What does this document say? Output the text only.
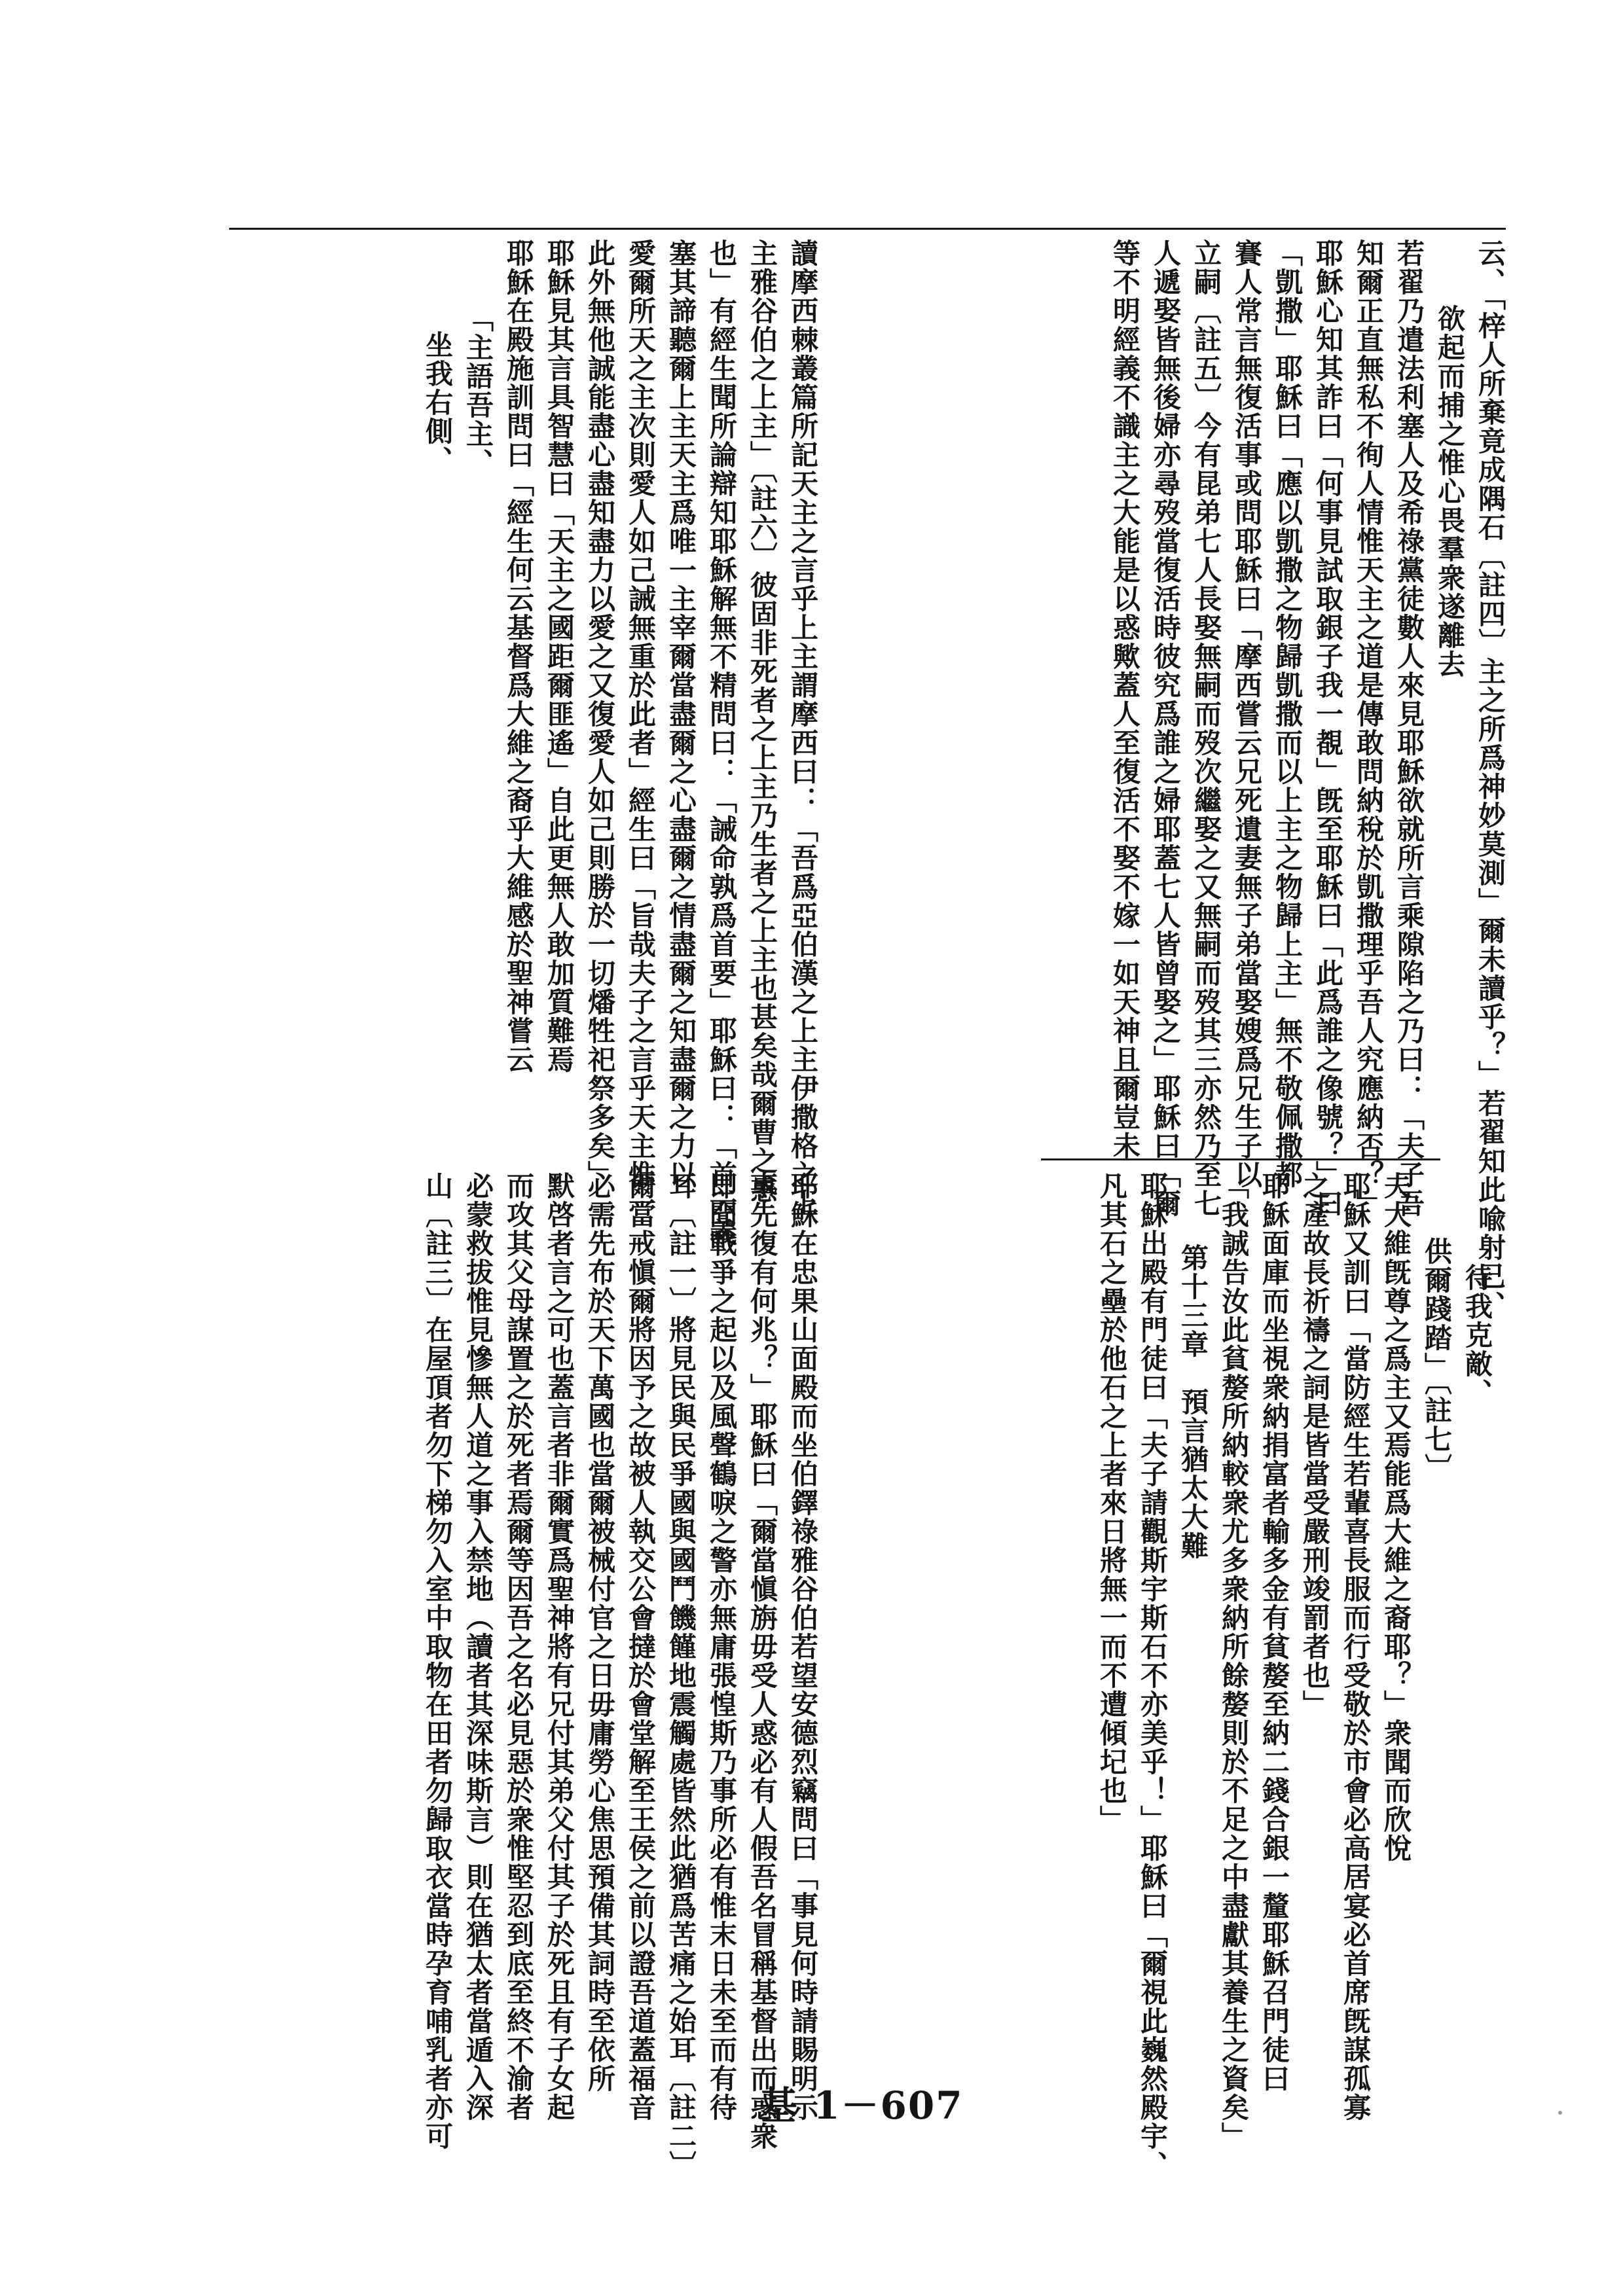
云、「梓人所棄竟成隅石〔註四〕主之所爲神妙莫測」爾未讀乎？」若翟知此喩射己、
欲起而捕之惟心畏羣衆遂離去
若翟乃遣法利塞人及希祿黨徒數人來見耶穌欲就所言乘隙陷之乃曰：「夫子吾
知爾正直無私不徇人情惟天主之道是傳敢問納稅於凱撒理乎吾人究應納否？」
耶穌心知其詐曰「何事見試取銀子我一覩」旣至耶穌曰「此爲誰之像號？」曰
「凱撒」耶穌曰「應以凱撒之物歸凱撒而以上主之物歸上主」無不敬佩撒都
賽人常言無復活事或問耶穌曰「摩西嘗云兄死遺妻無子弟當娶嫂爲兄生子以
立嗣〔註五〕今有昆弟七人長娶無嗣而歿次繼娶之又無嗣而歿其三亦然乃至七
人遞娶皆無後婦亦尋歿當復活時彼究爲誰之婦耶蓋七人皆曾娶之」耶穌曰「爾
等不明經義不識主之大能是以惑歟蓋人至復活不娶不嫁一如天神且爾豈未
讀摩西棘叢篇所記天主之言乎上主謂摩西曰：「吾爲亞伯漢之上主伊撒格之上
主雅谷伯之上主」〔註六〕彼固非死者之上主乃生者之上主也甚矣哉爾曹之惑
也」有經生聞所論辯知耶穌解無不精問曰：「誡命孰爲首要」耶穌曰：「首云義
塞其諦聽爾上主天主爲唯一主宰爾當盡爾之心盡爾之情盡爾之知盡爾之力以
愛爾所天之主次則愛人如己誡無重於此者」經生曰「旨哉夫子之言乎天主惟一
此外無他誠能盡心盡知盡力以愛之又復愛人如己則勝於一切燔牲祀祭多矣」
耶穌見其言具智慧曰「天主之國距爾匪遙」自此更無人敢加質難焉
耶穌在殿施訓問曰「經生何云基督爲大維之裔乎大維感於聖神嘗云
「主語吾主、
坐我右側、
待我克敵、
供爾踐踏」〔註七〕
夫大維旣尊之爲主又焉能爲大維之裔耶？」衆聞而欣悅
耶穌又訓曰「當防經生若輩喜長服而行受敬於市會必高居宴必首席旣謀孤寡
之產故長祈禱之詞是皆當受嚴刑竣罰者也」
耶穌面庫而坐視衆納捐富者輸多金有貧嫠至納二錢合銀一釐耶穌召門徒曰
「我誠告汝此貧嫠所納較衆尤多衆納所餘嫠則於不足之中盡獻其養生之資矣」
第十三章　預言猶太大難
耶穌出殿有門徒曰「夫子請觀斯宇斯石不亦美乎！」耶穌曰「爾視此巍然殿宇、
凡其石之壘於他石之上者來日將無一而不遭傾圮也」
耶穌在忠果山面殿而坐伯鐸祿雅谷伯若望安德烈竊問曰「事見何時請賜明示
事先復有何兆？」耶穌曰「爾當愼旃毋受人惑必有人假吾名冒稱基督出而惑衆
即聞戰爭之起以及風聲鶴唳之警亦無庸張惶斯乃事所必有惟末日未至而有待
耳〔註一〕將見民與民爭國與國鬥饑饉地震觸處皆然此猶爲苦痛之始耳〔註二〕
爾當戒愼爾將因予之故被人執交公會撻於會堂解至王侯之前以證吾道蓋福音
必需先布於天下萬國也當爾被械付官之日毋庸勞心焦思預備其詞時至依所
默啓者言之可也蓋言者非爾實爲聖神將有兄付其弟父付其子於死且有子女起
而攻其父母謀置之於死者焉爾等因吾之名必見惡於衆惟堅忍到底至終不渝者
必蒙救拔惟見慘無人道之事入禁地（讀者其深味斯言）則在猶太者當遁入深
山〔註三〕在屋頂者勿下梯勿入室中取物在田者勿歸取衣當時孕育哺乳者亦可	基 1－607
